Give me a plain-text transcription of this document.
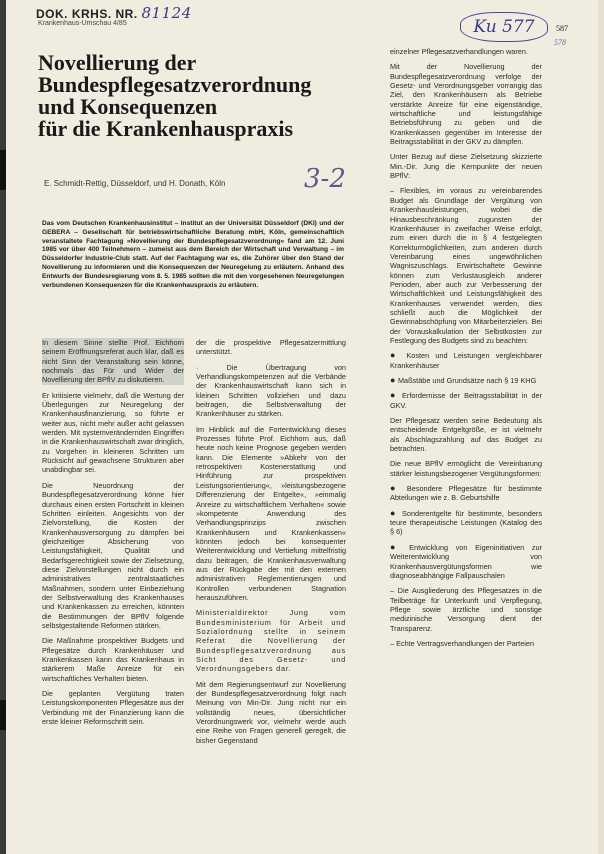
DOK. KRHS. NR. 81124
Krankenhaus-Umschau 4/85	Ku 577	587
578
Novellierung der
Bundespflegesatzverordnung
und Konsequenzen
für die Krankenhauspraxis
E. Schmidt-Rettig, Düsseldorf, und H. Donath, Köln	3-2
Das vom Deutschen Krankenhausinstitut – Institut an der Universität Düsseldorf (DKI) und der GEBERA – Gesellschaft für betriebswirtschaftliche Beratung mbH, Köln, gemeinschaftlich veranstaltete Fachtagung »Novellierung der Bundespflegesatzverordnung« fand am 12. Juni 1985 vor über 400 Teilnehmern – zumeist aus dem Bereich der Wirtschaft und Verwaltung – im Düsseldorfer Industrie-Club statt. Auf der Fachtagung war es, die Zuhörer über den Stand der Novellierung zu informieren und die Konsequenzen der Neuregelung zu erläutern. Anhand des Entwurfs der Bundesregierung vom 8. 5. 1985 sollten die mit den vorgesehenen Neuregelungen verbundenen Konsequenzen für die Krankenhauspraxis zu erläutern.

In diesem Sinne stellte Prof. Eichhorn seinem Eröffnungsreferat auch klar, daß es nicht Sinn der Veranstaltung sein könne, nochmals das Für und Wider der Novellierung der BPflV zu diskutieren.

Er kritisierte vielmehr, daß die Wertung der Überlegungen zur Neuregelung der Krankenhausfinanzierung, so führte er weiter aus, nicht mehr außer acht gelassen werden. Mit systemverändernden Eingriffen in die Krankenhauswirtschaft zwar dringlich, zu Vorgehen in kleineren Schritten um Rücksicht auf gewachsene Strukturen aber unabdingbar sei.

Die Neuordnung der Bundespflegesatzverordnung könne hier durchaus einen ersten Fortschritt in kleinen Schritten einleiten. Angesichts von der Zielvorstellung, die Kosten der Krankenhausversorgung zu dämpfen bei gleichzeitiger Absicherung von Leistungsfähigkeit, Qualität und Bedarfsgerechtigkeit sowie der Zielsetzung, diese Zielvorstellungen nicht durch ein administratives zentralstaatliches Maßnahmen, sondern unter Einbeziehung der Selbstverwaltung des Krankenhauses und Krankenkassen zu erreichen, könnten die Bestimmungen der BPflV folgende selbstgestaltende Reformen stärken.

Die Maßnahme prospektiver Budgets und Pflegesätze durch Krankenhäuser und Krankenkassen kann das Krankenhaus in stärkerem Maße Anreize für ein wirtschaftliches Verhalten bieten.

Die geplanten Vergütung traten Leistungskomponenten Pflegesätze aus der Verbindung mit der Finanzierung kann die erste kleiner Reformschritt sein.

der die prospektive Pflegesatzermittlung unterstützt.

· Die Übertragung von Verhandlungskompetenzen auf die Verbände der Krankenhauswirtschaft kann sich in kleinen Schritten vollziehen und dazu beitragen, die Selbstverwaltung der Krankenhäuser zu stärken.

Im Hinblick auf die Fortentwicklung dieses Prozesses führte Prof. Eichhorn aus, daß heute noch keine Prognose gegeben werden kann. Die Elemente »Abkehr von der retrospektiven Kostenerstattung und Hinführung zur prospektiven Leistungsorientierung«, »leistungsbezogene Differenzierung der Entgelte«, »einmalig Anreize zu wirtschaftlichem Verhalten« sowie »kompetente Anwendung des Verhandlungsprinzips zwischen Krankenhäusern und Krankenkassen« könnten jedoch bei konsequenter Weiterentwicklung und Vertiefung mittelfristig dazu beitragen, die Krankenhausverwaltung aus der Rückgabe der mit den externen administrativen Reglementierungen und Kontrollen verbundenen Stagnation herauszuführen.

Ministerialdirektor Jung vom Bundesministerium für Arbeit und Sozialordnung stellte in seinem Referat die Novellierung der Bundespflegesatzverordnung aus Sicht des Gesetz- und Verordnungsgebers dar.

Mit dem Regierungsentwurf zur Novellierung der Bundespflegesatzverordnung folgt nach Meinung von Min-Dir. Jung nicht nur ein vollständig neues, übersichtlicher Verordnungswerk vor, vielmehr werde auch eine Reihe von Fragen generell geregelt, die bisher Gegenstand

einzelner Pflegesatzverhandlungen waren.

Mit der Novellierung der Bundespflegesatzverordnung verfolge der Gesetz- und Verordnungsgeber vorrangig das Ziel, den Krankenhäusern als Betriebe verstärkte Anreize für eine eigenständige, wirtschaftliche und leistungsfähige Betriebsführung zu geben und die Krankenkassen gegenüber im Interesse der Beitragsstabilität in der GKV zu dämpfen.

Unter Bezug auf diese Zielsetzung skizzierte Min.-Dir. Jung die Kernpunkte der neuen BPflV:

– Flexibles, im voraus zu vereinbarendes Budget als Grundlage der Vergütung von Krankenhausleistungen, wobei die Hinausbeschränkung zugunsten der Krankenhäuser in zweifacher Weise erfolgt, zum einen durch die in § 4 festgelegten Korrekturmöglichkeiten, zum anderen durch Vereinbarung eines ungewöhnlichen Wagniszuschlags. Erwirtschaftete Gewinne können zum Verlustausgleich anderer Perioden, aber auch zur Verbesserung der Wirtschaftlichkeit und Leistungsfähigkeit des Krankenhauses verwendet werden, dies schließt auch die Möglichkeit der Gewinnabschöpfung von Mitarbeiterzielen. Bei der Vorauskalkulation der Selbstkosten zur Festlegung des Budgets sind zu beachten:

● Kosten und Leistungen vergleichbarer Krankenhäuser

● Maßstäbe und Grundsätze nach § 19 KHG

● Erfordernisse der Beitragsstabilität in der GKV.

Der Pflegesatz werden seine Bedeutung als entscheidende Entgeltgröße, er ist vielmehr als Abschlagszahlung auf das Budget zu betrachten.

Die neue BPflV ermöglicht die Vereinbarung stärker leistungsbezogener Vergütungsformen:

● Besondere Pflegesätze für bestimmte Abteilungen wie z. B. Geburtshilfe

● Sonderentgelte für bestimmte, besonders teure therapeutische Leistungen (Katalog des § 6)

● Entwicklung von Eigeninitiativen zur Weiterentwicklung von Krankenhausvergütungsformen wie diagnoseabhängige Fallpauschalen

– Die Ausgliederung des Pflegesatzes in die Teilbeträge für Unterkunft und Verpflegung, Pflege sowie ärztliche und sonstige medizinische Versorgung dient der Transparenz.

– Echte Vertragsverhandlungen der Parteien
